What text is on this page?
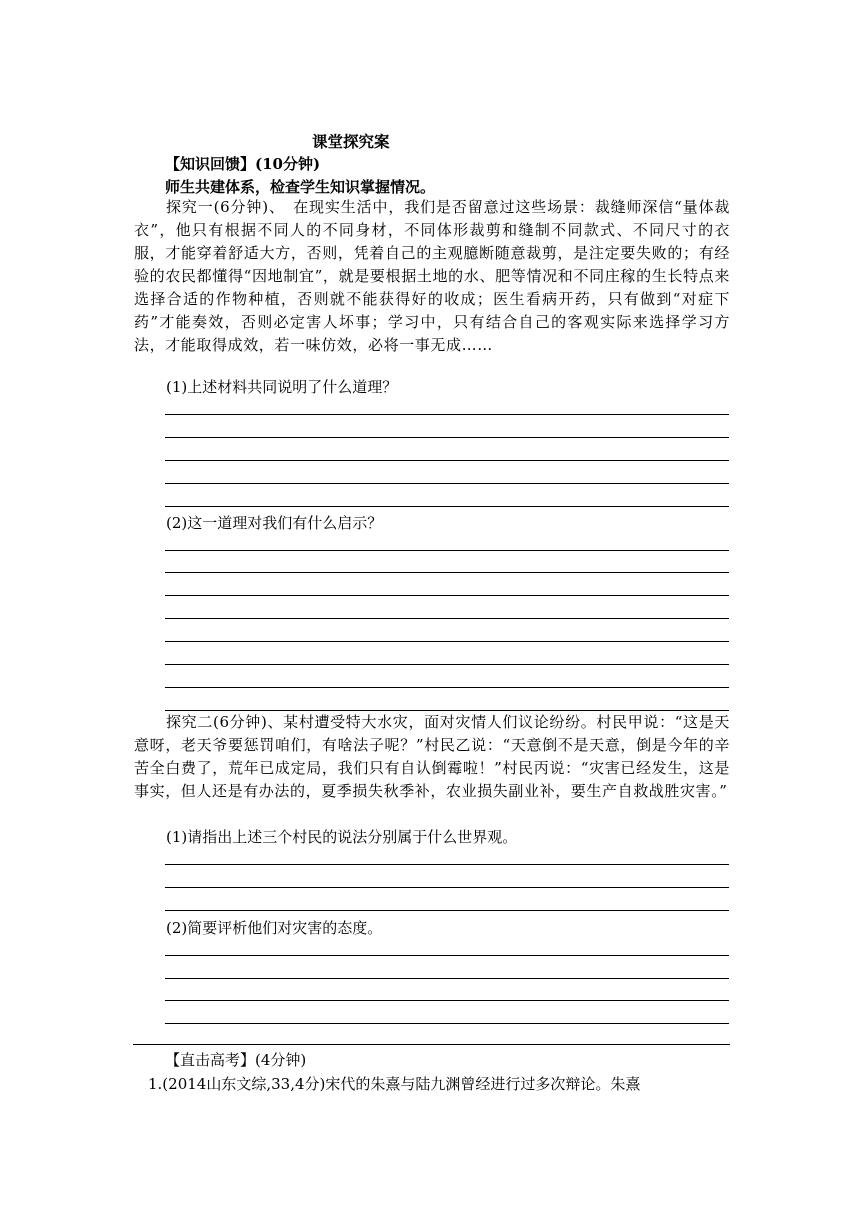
课堂探究案
【知识回馈】(10分钟)
师生共建体系，检查学生知识掌握情况。
探究一(6分钟)、　在现实生活中，我们是否留意过这些场景：裁缝师深信“量体裁衣”，他只有根据不同人的不同身材，不同体形裁剪和缝制不同款式、不同尺寸的衣服，才能穿着舒适大方，否则，凭着自己的主观臆断随意裁剪，是注定要失败的；有经验的农民都懂得“因地制宜”，就是要根据土地的水、肥等情况和不同庄稼的生长特点来选择合适的作物种植，否则就不能获得好的收成；医生看病开药，只有做到“对症下药”才能奏效，否则必定害人坏事；学习中，只有结合自己的客观实际来选择学习方法，才能取得成效，若一味仿效，必将一事无成……
(1)上述材料共同说明了什么道理？
(2)这一道理对我们有什么启示？
探究二(6分钟)、某村遭受特大水灾，面对灾情人们议论纷纷。村民甲说：“这是天意呀，老天爷要惩罚咱们，有啥法子呢？”村民乙说：“天意倒不是天意，倒是今年的辛苦全白费了，荒年已成定局，我们只有自认倒霉啦！”村民丙说：“灾害已经发生，这是事实，但人还是有办法的，夏季损失秋季补，农业损失副业补，要生产自救战胜灾害。”
(1)请指出上述三个村民的说法分别属于什么世界观。
(2)简要评析他们对灾害的态度。
【直击高考】(4分钟)
1.(2014山东文综,33,4分)宋代的朱熹与陆九渊曾经进行过多次辩论。朱熹
